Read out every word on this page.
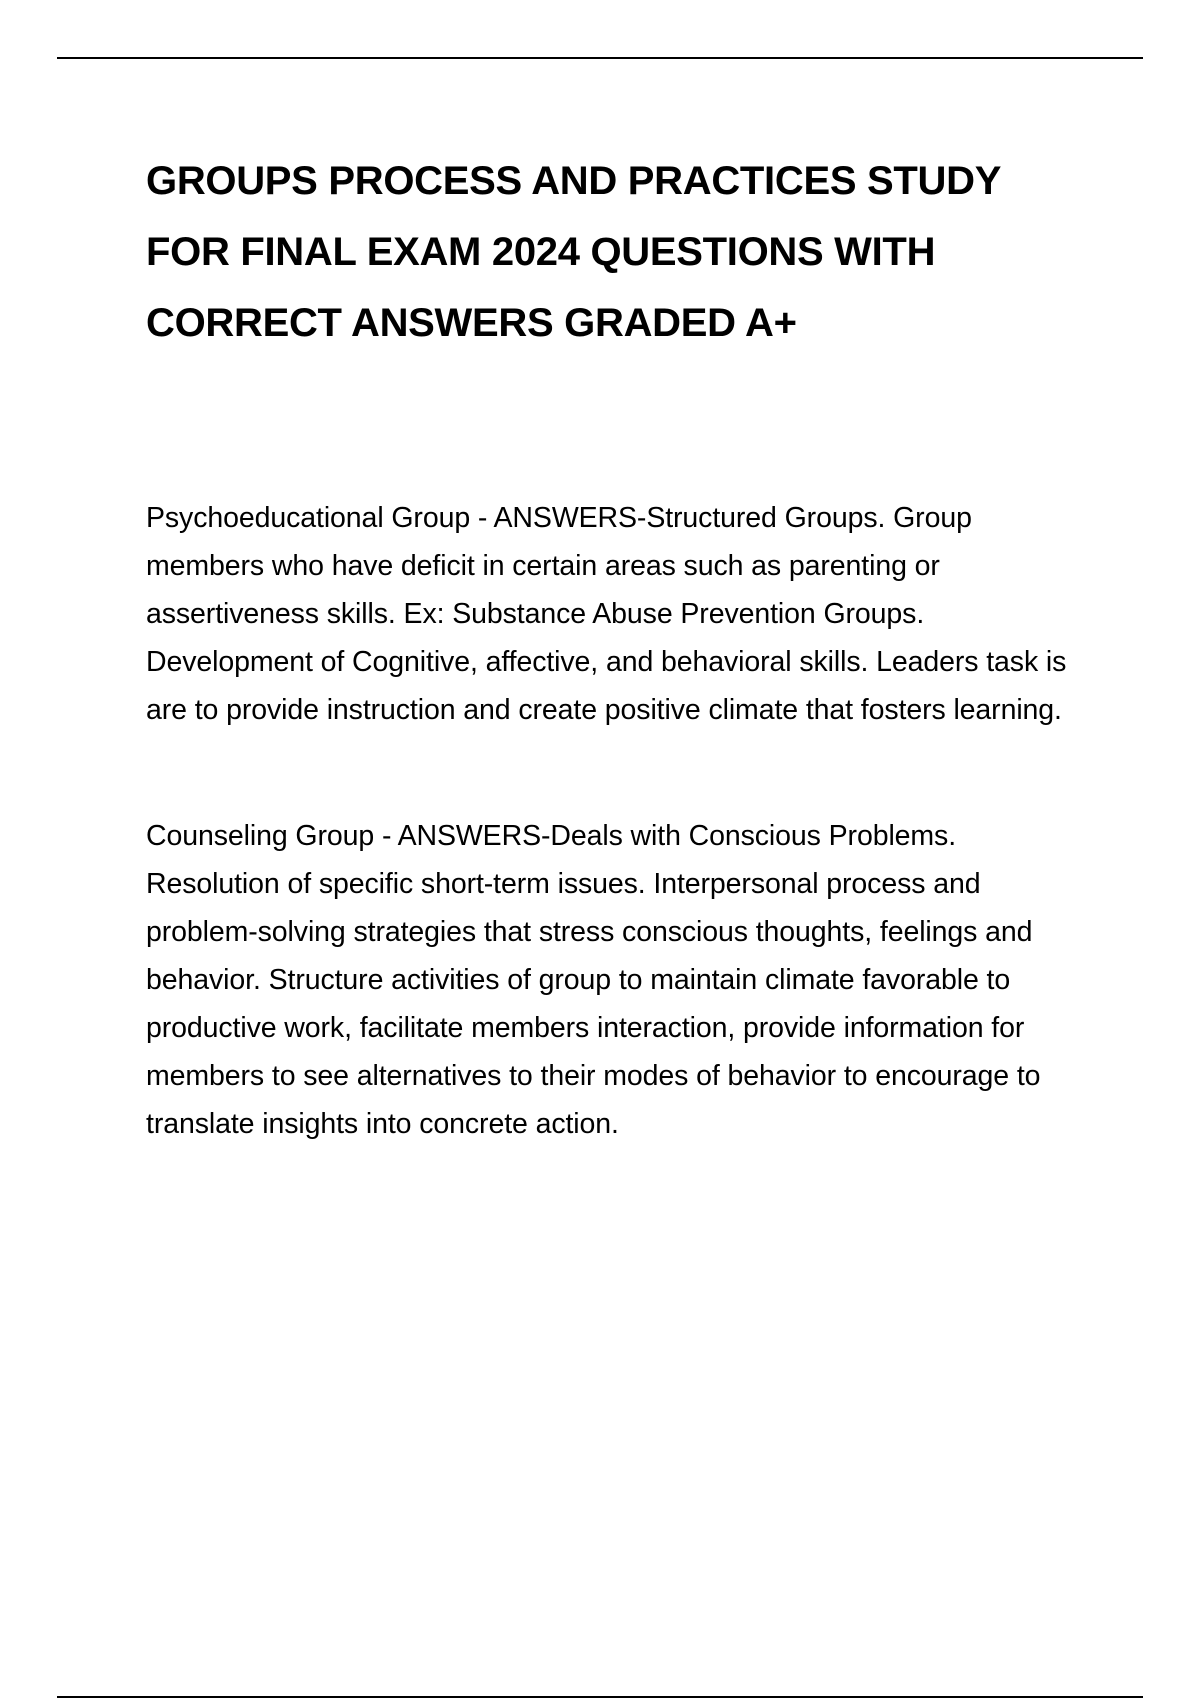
GROUPS PROCESS AND PRACTICES STUDY FOR FINAL EXAM 2024 QUESTIONS WITH CORRECT ANSWERS GRADED A+

Psychoeducational Group - ANSWERS-Structured Groups. Group members who have deficit in certain areas such as parenting or assertiveness skills. Ex: Substance Abuse Prevention Groups. Development of Cognitive, affective, and behavioral skills. Leaders task is are to provide instruction and create positive climate that fosters learning.

Counseling Group - ANSWERS-Deals with Conscious Problems. Resolution of specific short-term issues. Interpersonal process and problem-solving strategies that stress conscious thoughts, feelings and behavior. Structure activities of group to maintain climate favorable to productive work, facilitate members interaction, provide information for members to see alternatives to their modes of behavior to encourage to translate insights into concrete action.
